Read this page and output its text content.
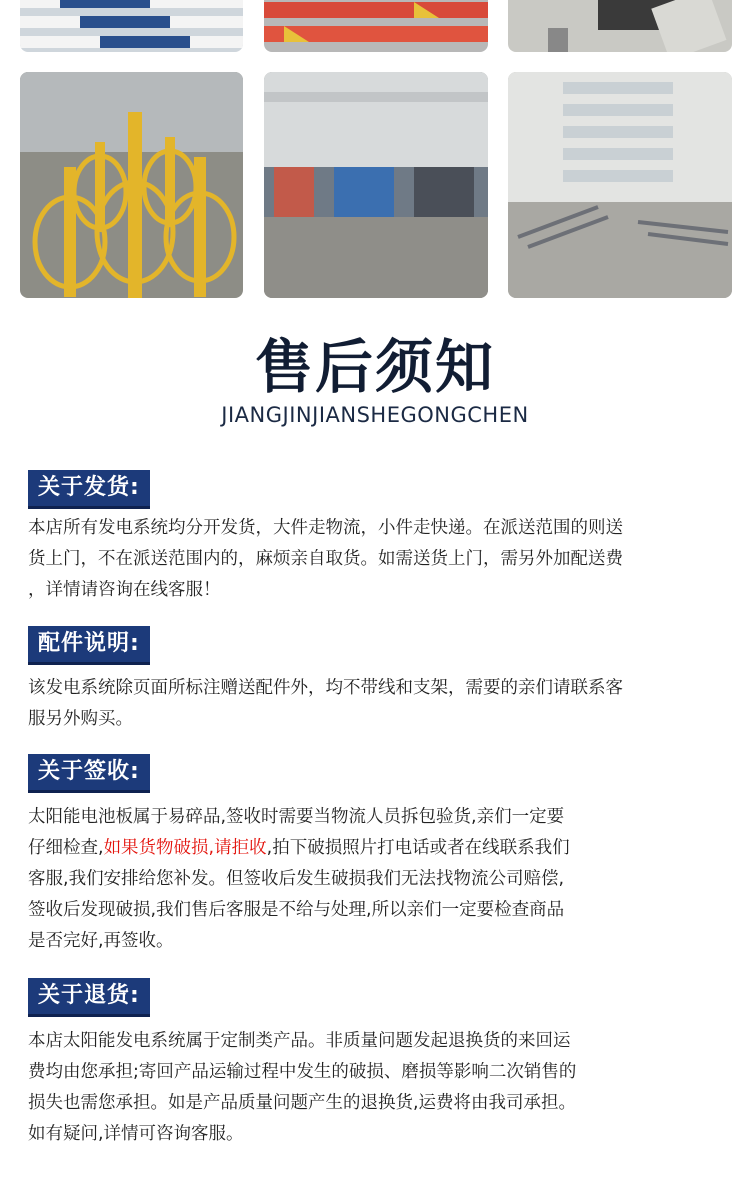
售后须知
JIANGJINJIANSHEGONGCHEN
关于发货:
本店所有发电系统均分开发货，大件走物流，小件走快递。在派送范围的则送
货上门，不在派送范围内的，麻烦亲自取货。如需送货上门，需另外加配送费
，详情请咨询在线客服！
配件说明:
该发电系统除页面所标注赠送配件外，均不带线和支架，需要的亲们请联系客
服另外购买。
关于签收:
太阳能电池板属于易碎品,签收时需要当物流人员拆包验货,亲们一定要
仔细检查,如果货物破损,请拒收,拍下破损照片打电话或者在线联系我们
客服,我们安排给您补发。但签收后发生破损我们无法找物流公司赔偿,
签收后发现破损,我们售后客服是不给与处理,所以亲们一定要检查商品
是否完好,再签收。
关于退货:
本店太阳能发电系统属于定制类产品。非质量问题发起退换货的来回运
费均由您承担;寄回产品运输过程中发生的破损、磨损等影响二次销售的
损失也需您承担。如是产品质量问题产生的退换货,运费将由我司承担。
如有疑问,详情可咨询客服。
